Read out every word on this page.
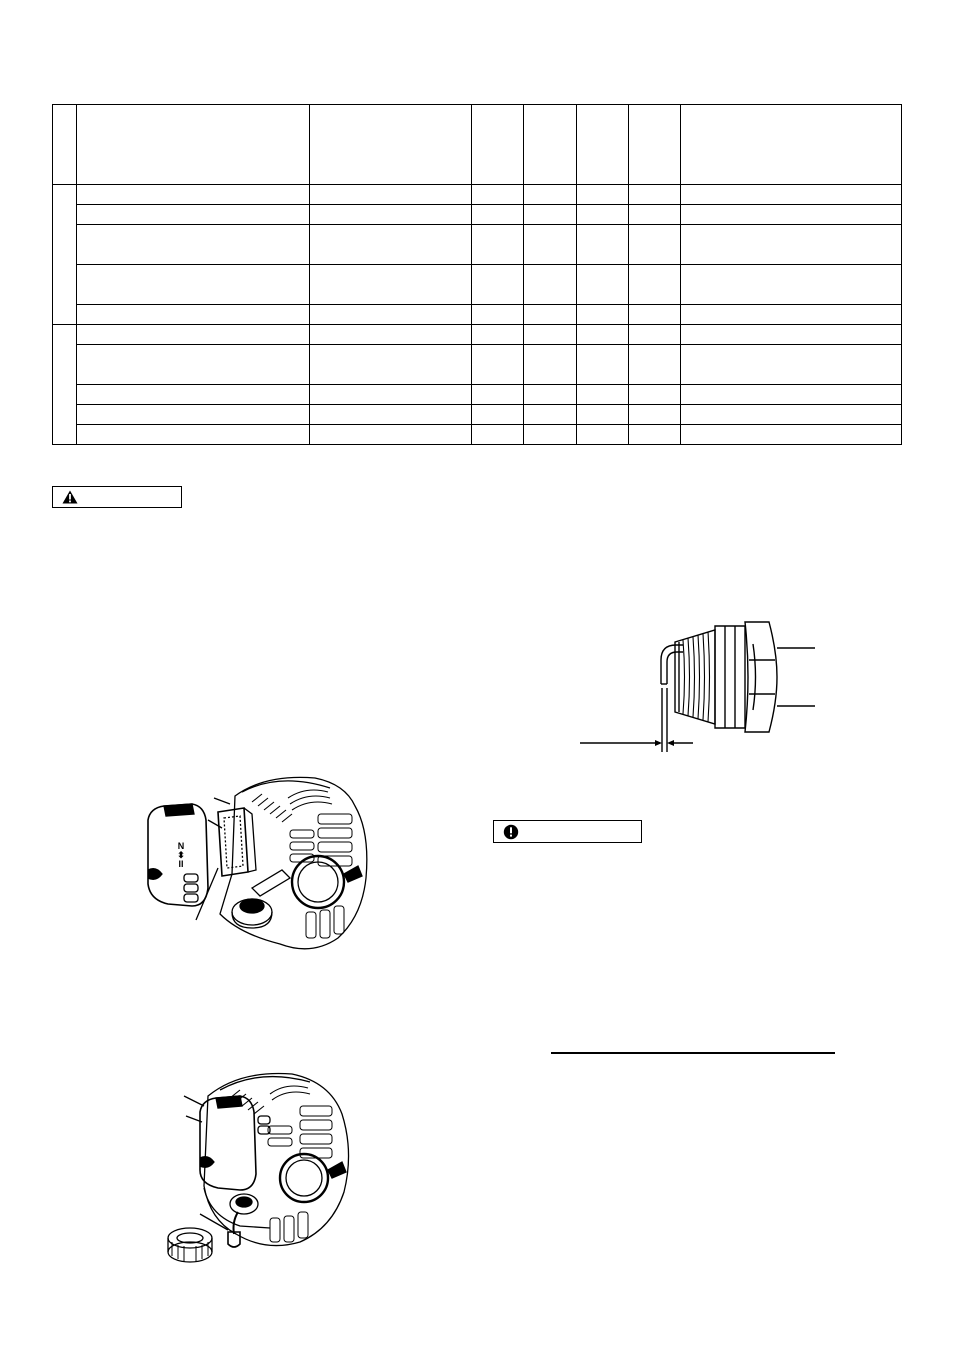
N
⬍
II
